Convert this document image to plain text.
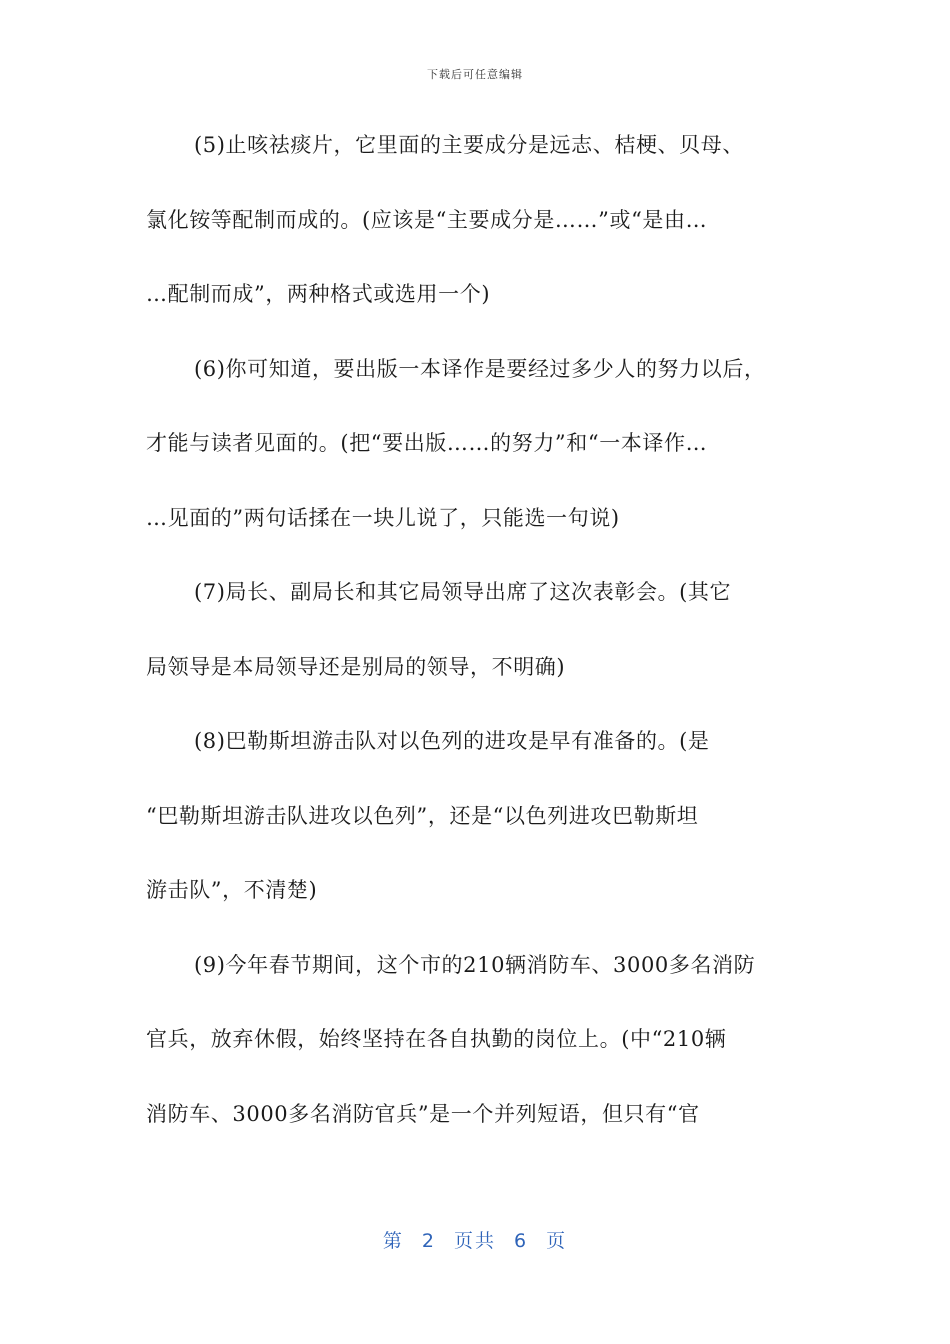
下载后可任意编辑
(5)止咳祛痰片，它里面的主要成分是远志、桔梗、贝母、
氯化铵等配制而成的。(应该是“主要成分是……”或“是由…
…配制而成”，两种格式或选用一个)
(6)你可知道，要出版一本译作是要经过多少人的努力以后，
才能与读者见面的。(把“要出版……的努力”和“一本译作…
…见面的”两句话揉在一块儿说了，只能选一句说)
(7)局长、副局长和其它局领导出席了这次表彰会。(其它
局领导是本局领导还是别局的领导，不明确)
(8)巴勒斯坦游击队对以色列的进攻是早有准备的。(是
“巴勒斯坦游击队进攻以色列”，还是“以色列进攻巴勒斯坦
游击队”，不清楚)
(9)今年春节期间，这个市的210辆消防车、3000多名消防
官兵，放弃休假，始终坚持在各自执勤的岗位上。(中“210辆
消防车、3000多名消防官兵”是一个并列短语，但只有“官
第 2 页共 6 页
